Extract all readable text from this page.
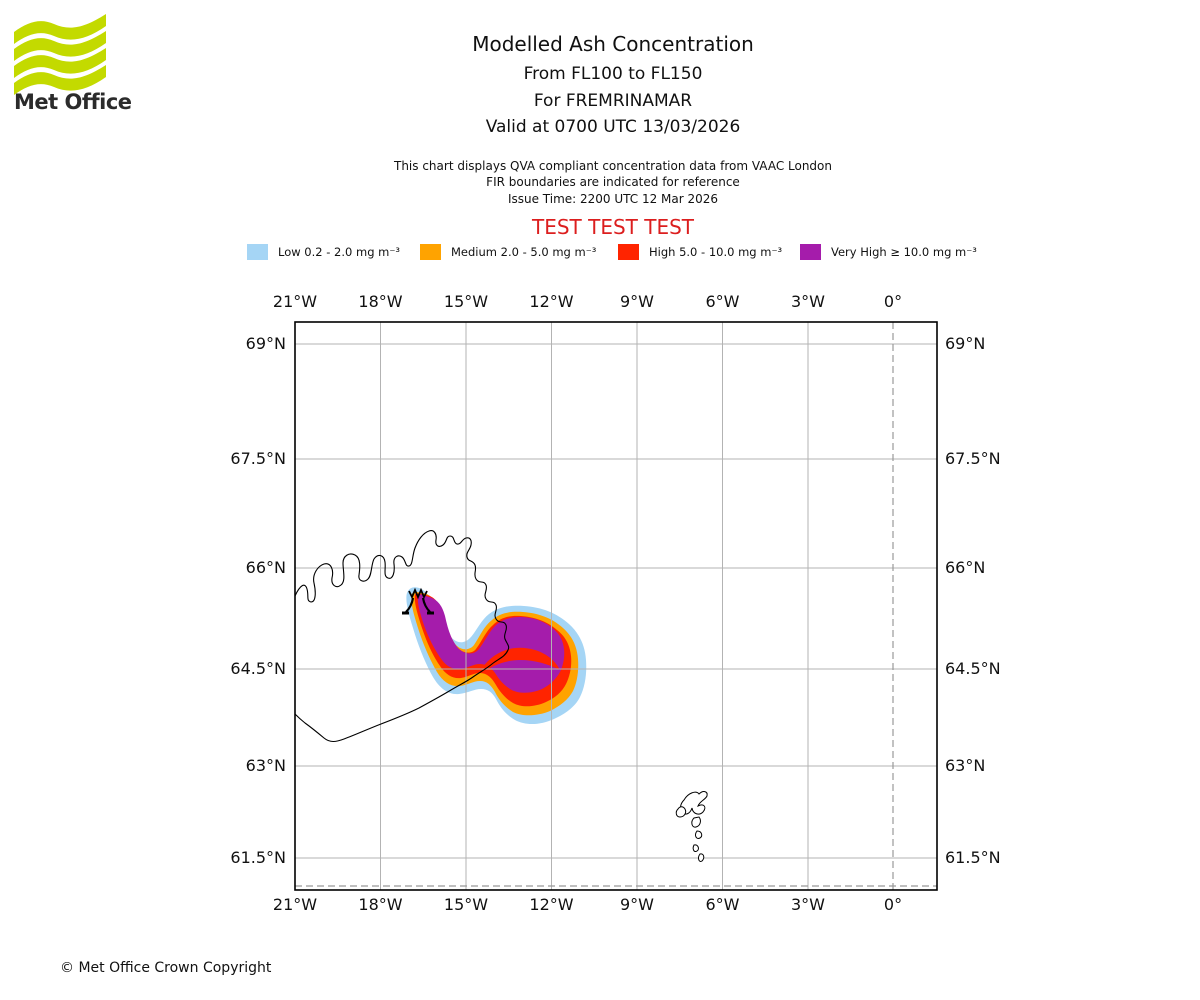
Met Office
Modelled Ash Concentration
From FL100 to FL150
For FREMRINAMAR
Valid at 0700 UTC 13/03/2026
This chart displays QVA compliant concentration data from VAAC London
FIR boundaries are indicated for reference
Issue Time: 2200 UTC 12 Mar 2026
TEST TEST TEST
Low 0.2 - 2.0 mg m⁻³	Medium 2.0 - 5.0 mg m⁻³	High 5.0 - 10.0 mg m⁻³	Very High ≥ 10.0 mg m⁻³
21°W
21°W
18°W
18°W
15°W
15°W
12°W
12°W
9°W
9°W
6°W
6°W
3°W
3°W
0°
0°
69°N	69°N
67.5°N	67.5°N
66°N	66°N
64.5°N	64.5°N
63°N	63°N
61.5°N	61.5°N
© Met Office Crown Copyright
